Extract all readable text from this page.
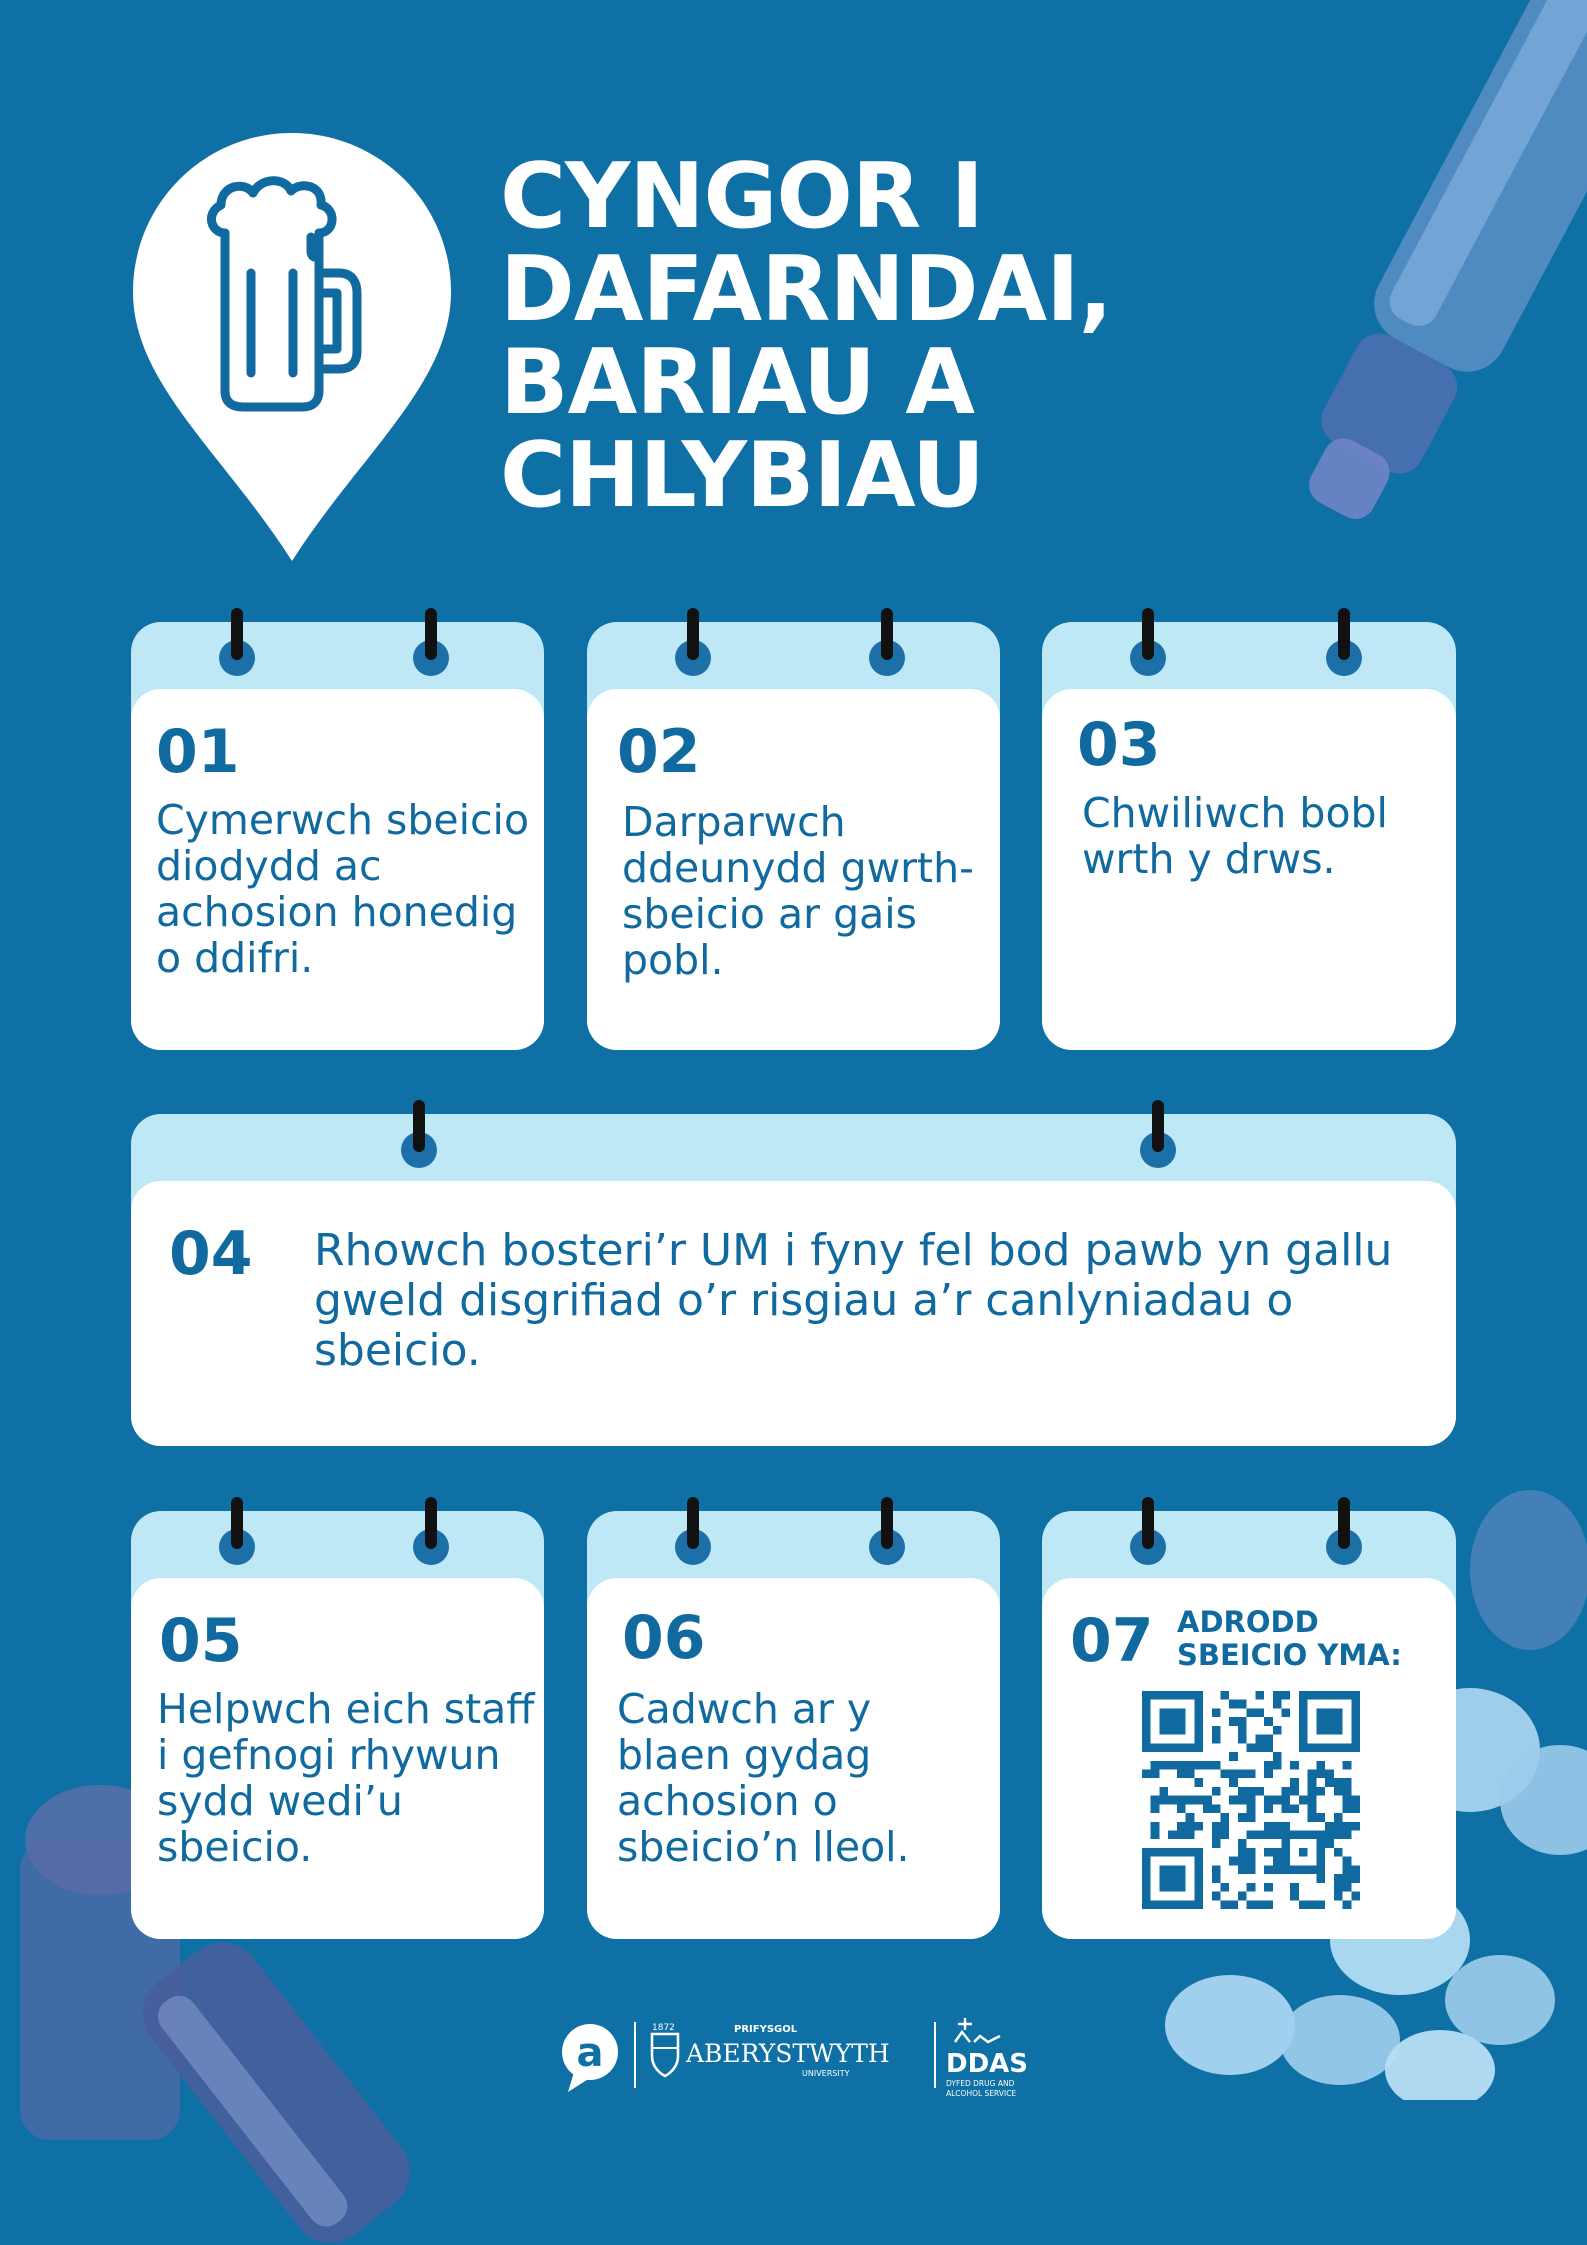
CYNGOR I
DAFARNDAI,
BARIAU A
CHLYBIAU

01

Cymerwch sbeicio diodydd ac achosion honedig o ddifri.

02

Darparwch ddeunydd gwrth-sbeicio ar gais pobl.

03

Chwiliwch bobl wrth y drws.

04 Rhowch bosteri’r UM i fyny fel bod pawb yn gallu gweld disgrifiad o’r risgiau a’r canlyniadau o sbeicio.

05

Helpwch eich staff i gefnogi rhywun sydd wedi’u sbeicio.

06

Cadwch ar y blaen gydag achosion o sbeicio’n lleol.

07 ADRODD
SBEICIO YMA:

a
1872	PRIFYSGOL
ABERYSTWYTH
UNIVERSITY	DDAS
DYFED DRUG AND
ALCOHOL SERVICE
